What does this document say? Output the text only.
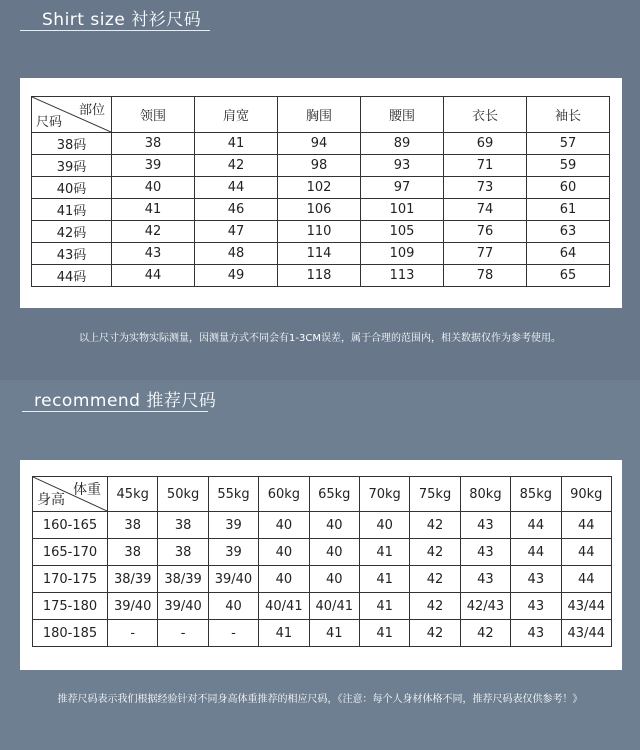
Shirt size 衬衫尺码
部位
尺码	领围	肩宽	胸围	腰围	衣长	袖长
38码	38	41	94	89	69	57
39码	39	42	98	93	71	59
40码	40	44	102	97	73	60
41码	41	46	106	101	74	61
42码	42	47	110	105	76	63
43码	43	48	114	109	77	64
44码	44	49	118	113	78	65
以上尺寸为实物实际测量，因测量方式不同会有1-3CM误差，属于合理的范围内，相关数据仅作为参考使用。
recommend 推荐尺码
体重
身高	45kg	50kg	55kg	60kg	65kg	70kg	75kg	80kg	85kg	90kg
160-165	38	38	39	40	40	40	42	43	44	44
165-170	38	38	39	40	40	41	42	43	44	44
170-175	38/39	38/39	39/40	40	40	41	42	43	43	44
175-180	39/40	39/40	40	40/41	40/41	41	42	42/43	43	43/44
180-185	-	-	-	41	41	41	42	42	43	43/44
推荐尺码表示我们根据经验针对不同身高体重推荐的相应尺码，《注意：每个人身材体格不同，推荐尺码表仅供参考！》
